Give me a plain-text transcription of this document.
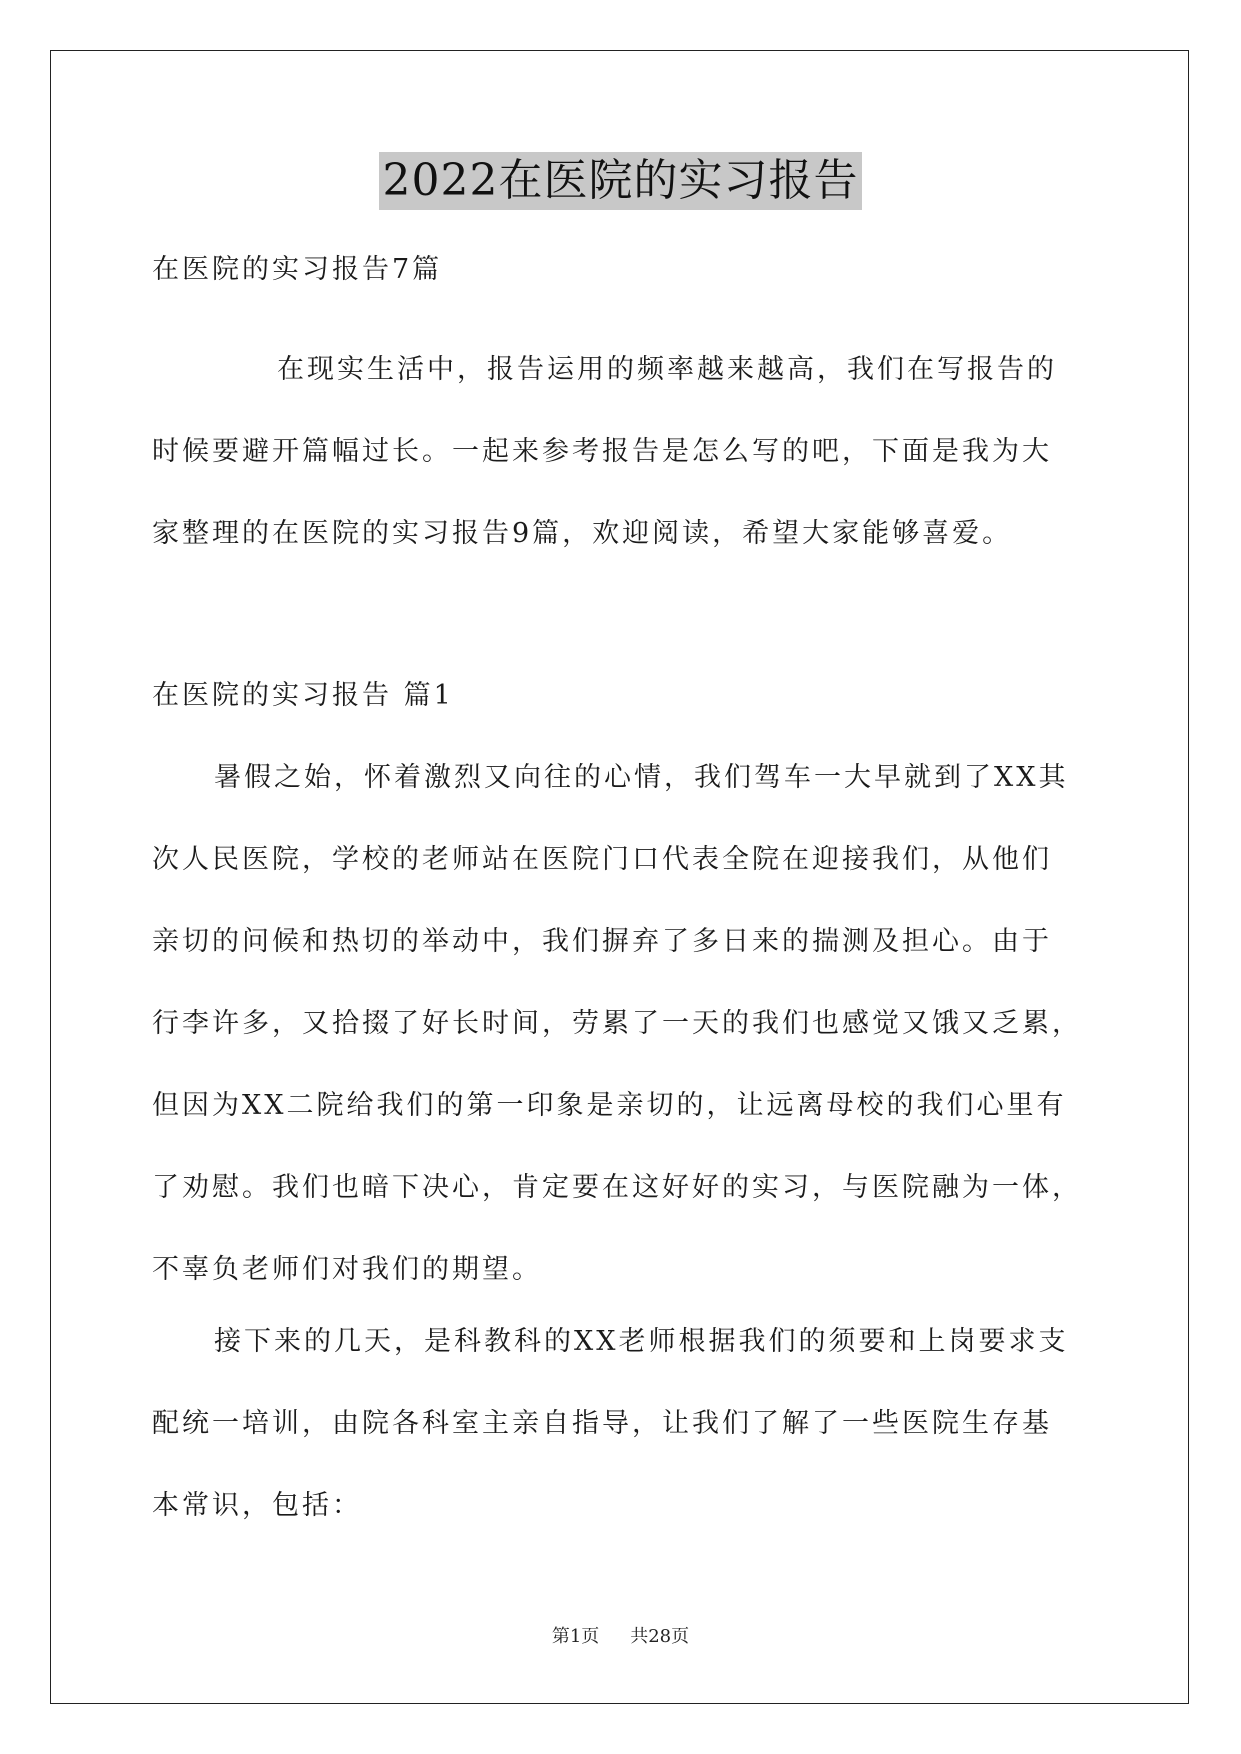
2022在医院的实习报告
在医院的实习报告7篇
在现实生活中，报告运用的频率越来越高，我们在写报告的
时候要避开篇幅过长。一起来参考报告是怎么写的吧，下面是我为大
家整理的在医院的实习报告9篇，欢迎阅读，希望大家能够喜爱。
在医院的实习报告 篇1
暑假之始，怀着激烈又向往的心情，我们驾车一大早就到了XX其
次人民医院，学校的老师站在医院门口代表全院在迎接我们，从他们
亲切的问候和热切的举动中，我们摒弃了多日来的揣测及担心。由于
行李许多，又拾掇了好长时间，劳累了一天的我们也感觉又饿又乏累，
但因为XX二院给我们的第一印象是亲切的，让远离母校的我们心里有
了劝慰。我们也暗下决心，肯定要在这好好的实习，与医院融为一体，
不辜负老师们对我们的期望。
接下来的几天，是科教科的XX老师根据我们的须要和上岗要求支
配统一培训，由院各科室主亲自指导，让我们了解了一些医院生存基
本常识，包括：
第1页 共28页
